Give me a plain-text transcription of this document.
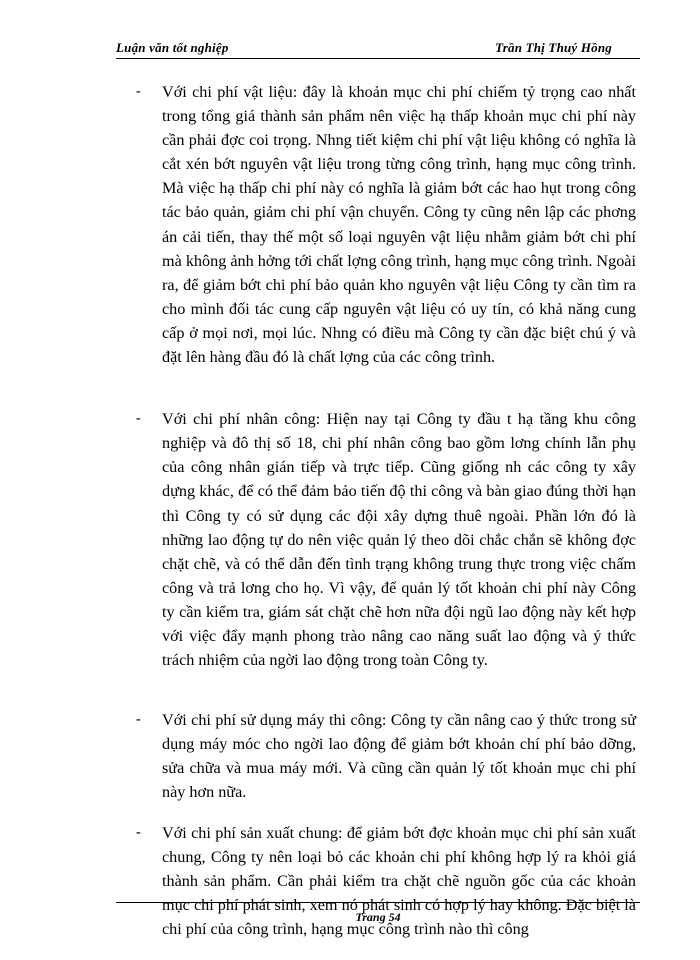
Luận văn tốt nghiệp	Trần Thị Thuý Hồng
- Với chi phí vật liệu: đây là khoản mục chi phí chiếm tỷ trọng cao nhất trong tổng giá thành sản phẩm nên việc hạ thấp khoản mục chi phí này cần phải đợc coi trọng. Nhng tiết kiệm chi phí vật liệu không có nghĩa là cắt xén bớt nguyên vật liệu trong từng công trình, hạng mục công trình. Mà việc hạ thấp chi phí này có nghĩa là giảm bớt các hao hụt trong công tác bảo quản, giảm chi phí vận chuyển. Công ty cũng nên lập các phơng án cải tiến, thay thế một số loại nguyên vật liệu nhằm giảm bớt chi phí mà không ảnh hởng tới chất lợng công trình, hạng mục công trình. Ngoài ra, để giảm bớt chi phí bảo quản kho nguyên vật liệu Công ty cần tìm ra cho mình đối tác cung cấp nguyên vật liệu có uy tín, có khả năng cung cấp ở mọi nơi, mọi lúc. Nhng có điều mà Công ty cần đặc biệt chú ý và đặt lên hàng đầu đó là chất lợng của các công trình.
- Với chi phí nhân công: Hiện nay tại Công ty đầu t hạ tầng khu công nghiệp và đô thị số 18, chi phí nhân công bao gồm lơng chính lẫn phụ của công nhân gián tiếp và trực tiếp. Cũng giống nh các công ty xây dựng khác, để có thể đảm bảo tiến độ thi công và bàn giao đúng thời hạn thì Công ty có sử dụng các đội xây dựng thuê ngoài. Phần lớn đó là những lao động tự do nên việc quản lý theo dõi chắc chắn sẽ không đợc chặt chẽ, và có thể dẫn đến tình trạng không trung thực trong việc chấm công và trả lơng cho họ. Vì vậy, để quản lý tốt khoản chi phí này Công ty cần kiểm tra, giám sát chặt chẽ hơn nữa đội ngũ lao động này kết hợp với việc đẩy mạnh phong trào nâng cao năng suất lao động và ý thức trách nhiệm của ngời lao động trong toàn Công ty.
- Với chi phí sử dụng máy thi công: Công ty cần nâng cao ý thức trong sử dụng máy móc cho ngời lao động để giảm bớt khoản chí phí bảo dỡng, sửa chữa và mua máy mới. Và cũng cần quản lý tốt khoản mục chi phí này hơn nữa.
- Với chi phí sản xuất chung: để giảm bớt đợc khoản mục chi phí sản xuất chung, Công ty nên loại bỏ các khoản chi phí không hợp lý ra khỏi giá thành sản phẩm. Cần phải kiểm tra chặt chẽ nguồn gốc của các khoản mục chi phí phát sinh, xem nó phát sinh có hợp lý hay không. Đặc biệt là chi phí của công trình, hạng mục công trình nào thì công
Trang 54
